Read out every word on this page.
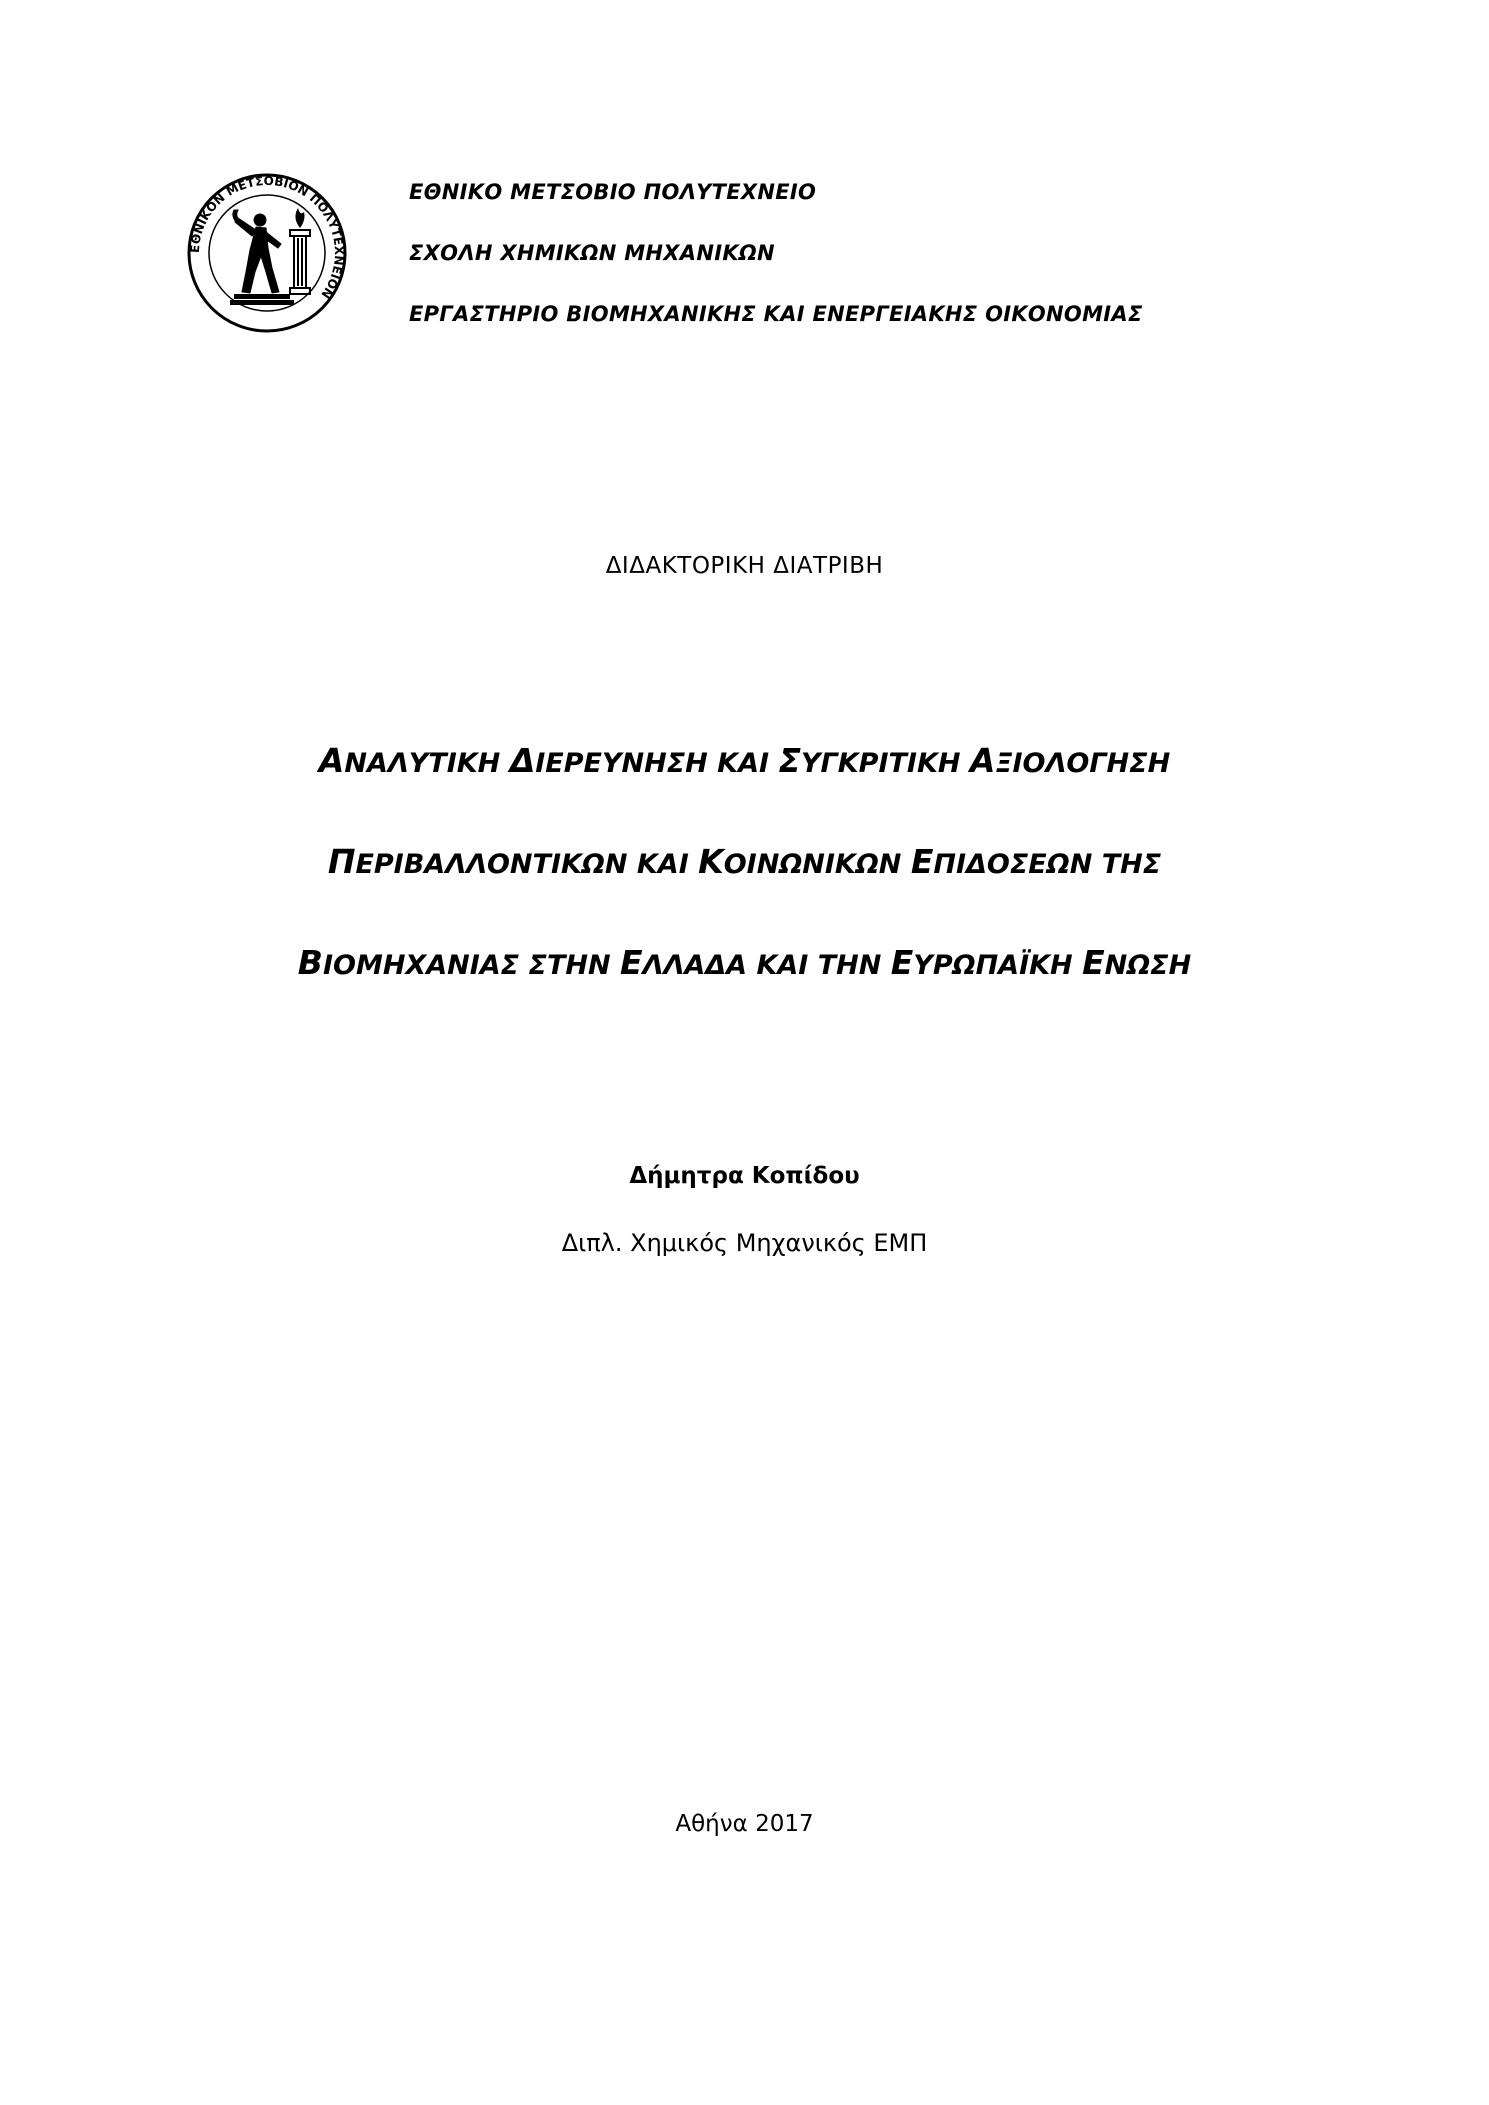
ΕΘΝΙΚΟΝ ΜΕΤΣΟΒΙΟΝ ΠΟΛΥΤΕΧΝΕΙΟΝ
ΕΘΝΙΚΟ ΜΕΤΣΟΒΙΟ ΠΟΛΥΤΕΧΝΕΙΟ
ΣΧΟΛΗ ΧΗΜΙΚΩΝ ΜΗΧΑΝΙΚΩΝ
ΕΡΓΑΣΤΗΡΙΟ ΒΙΟΜΗΧΑΝΙΚΗΣ ΚΑΙ ΕΝΕΡΓΕΙΑΚΗΣ ΟΙΚΟΝΟΜΙΑΣ
ΔΙΔΑΚΤΟΡΙΚΗ ΔΙΑΤΡΙΒΗ
ΑΝΑΛΥΤΙΚΗ ΔΙΕΡΕΥΝΗΣΗ ΚΑΙ ΣΥΓΚΡΙΤΙΚΗ ΑΞΙΟΛΟΓΗΣΗ
ΠΕΡΙΒΑΛΛΟΝΤΙΚΩΝ ΚΑΙ ΚΟΙΝΩΝΙΚΩΝ ΕΠΙΔΟΣΕΩΝ ΤΗΣ
ΒΙΟΜΗΧΑΝΙΑΣ ΣΤΗΝ ΕΛΛΑΔΑ ΚΑΙ ΤΗΝ ΕΥΡΩΠΑΪΚΗ ΕΝΩΣΗ
Δήμητρα Κοπίδου
Διπλ. Χημικός Μηχανικός ΕΜΠ
Αθήνα 2017
